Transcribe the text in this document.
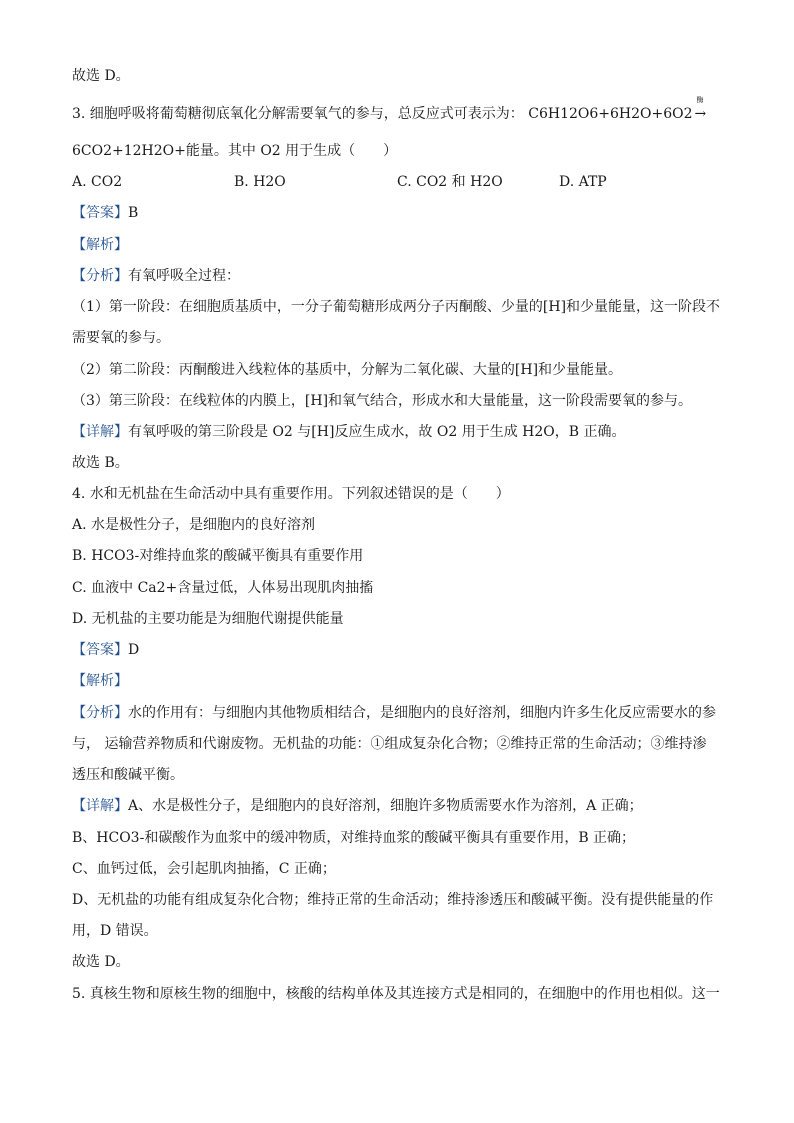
故选 D。
3. 细胞呼吸将葡萄糖彻底氧化分解需要氧气的参与，总反应式可表示为： C6H12O6+6H2O+6O2
酶
→
6CO2+12H2O+能量。其中 O2 用于生成（　　）
A. CO2	B. H2O	C. CO2 和 H2O	D. ATP
【答案】B
【解析】
【分析】有氧呼吸全过程：
（1）第一阶段：在细胞质基质中，一分子葡萄糖形成两分子丙酮酸、少量的[H]和少量能量，这一阶段不
需要氧的参与。
（2）第二阶段：丙酮酸进入线粒体的基质中，分解为二氧化碳、大量的[H]和少量能量。
（3）第三阶段：在线粒体的内膜上，[H]和氧气结合，形成水和大量能量，这一阶段需要氧的参与。
【详解】有氧呼吸的第三阶段是 O2 与[H]反应生成水，故 O2 用于生成 H2O，B 正确。
故选 B。
4. 水和无机盐在生命活动中具有重要作用。下列叙述错误的是（　　）
A. 水是极性分子，是细胞内的良好溶剂
B. HCO3-对维持血浆的酸碱平衡具有重要作用
C. 血液中 Ca2+含量过低，人体易出现肌肉抽搐
D. 无机盐的主要功能是为细胞代谢提供能量
【答案】D
【解析】
【分析】水的作用有：与细胞内其他物质相结合，是细胞内的良好溶剂，细胞内许多生化反应需要水的参
与， 运输营养物质和代谢废物。无机盐的功能：①组成复杂化合物；②维持正常的生命活动；③维持渗
透压和酸碱平衡。
【详解】A、水是极性分子，是细胞内的良好溶剂，细胞许多物质需要水作为溶剂，A 正确；
B、HCO3-和碳酸作为血浆中的缓冲物质，对维持血浆的酸碱平衡具有重要作用，B 正确；
C、血钙过低，会引起肌肉抽搐，C 正确；
D、无机盐的功能有组成复杂化合物；维持正常的生命活动；维持渗透压和酸碱平衡。没有提供能量的作
用，D 错误。
故选 D。
5. 真核生物和原核生物的细胞中，核酸的结构单体及其连接方式是相同的，在细胞中的作用也相似。这一
